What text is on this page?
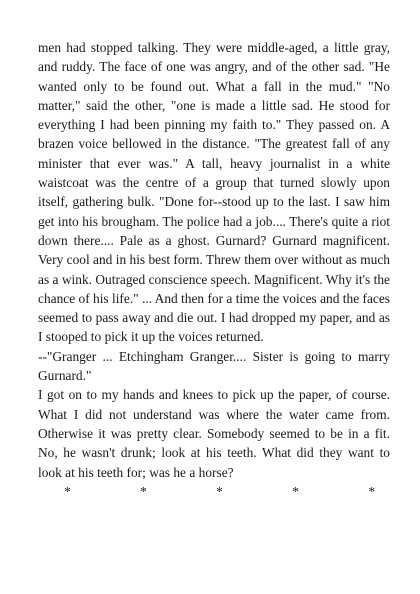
men had stopped talking. They were middle-aged, a little gray, and ruddy. The face of one was angry, and of the other sad. "He wanted only to be found out. What a fall in the mud." "No matter," said the other, "one is made a little sad. He stood for everything I had been pinning my faith to." They passed on. A brazen voice bellowed in the distance. "The greatest fall of any minister that ever was." A tall, heavy journalist in a white waistcoat was the centre of a group that turned slowly upon itself, gathering bulk. "Done for--stood up to the last. I saw him get into his brougham. The police had a job.... There's quite a riot down there.... Pale as a ghost. Gurnard? Gurnard magnificent. Very cool and in his best form. Threw them over without as much as a wink. Outraged conscience speech. Magnificent. Why it's the chance of his life." ... And then for a time the voices and the faces seemed to pass away and die out. I had dropped my paper, and as I stooped to pick it up the voices returned.

--"Granger ... Etchingham Granger.... Sister is going to marry Gurnard."

I got on to my hands and knees to pick up the paper, of course. What I did not understand was where the water came from. Otherwise it was pretty clear. Somebody seemed to be in a fit. No, he wasn't drunk; look at his teeth. What did they want to look at his teeth for; was he a horse?

*    *    *    *    *
